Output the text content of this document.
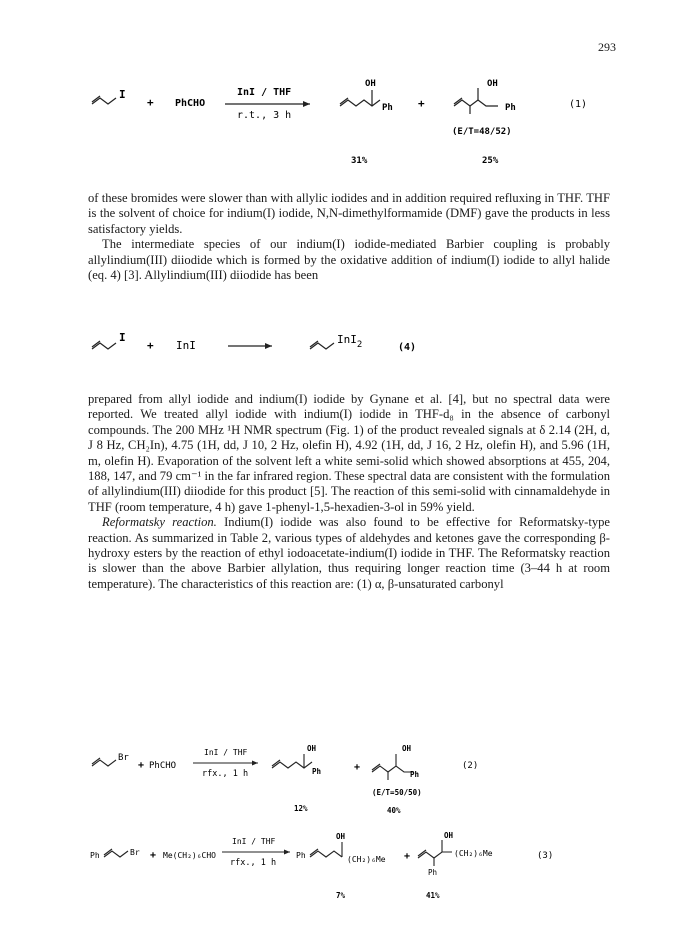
293
I
+ PhCHO
InI / THF
r.t., 3 h
OH
Ph +
OH
Ph	(1)
(E/T=48/52)
31%	25%

of these bromides were slower than with allylic iodides and in addition required refluxing in THF. THF is the solvent of choice for indium(I) iodide, N,N-dimethylformamide (DMF) gave the products in less satisfactory yields.

The intermediate species of our indium(I) iodide-mediated Barbier coupling is probably allylindium(III) diiodide which is formed by the oxidative addition of indium(I) iodide to allyl halide (eq. 4) [3]. Allylindium(III) diiodide has been

I
+ InI	InI$_2$	(4)

prepared from allyl iodide and indium(I) iodide by Gynane et al. [4], but no spectral data were reported. We treated allyl iodide with indium(I) iodide in THF-d₈ in the absence of carbonyl compounds. The 200 MHz ¹H NMR spectrum (Fig. 1) of the product revealed signals at δ 2.14 (2H, d, J 8 Hz, CH₂In), 4.75 (1H, dd, J 10, 2 Hz, olefin H), 4.92 (1H, dd, J 16, 2 Hz, olefin H), and 5.96 (1H, m, olefin H). Evaporation of the solvent left a white semi-solid which showed absorptions at 455, 204, 188, 147, and 79 cm⁻¹ in the far infrared region. These spectral data are consistent with the formulation of allylindium(III) diiodide for this product [5]. The reaction of this semi-solid with cinnamaldehyde in THF (room temperature, 4 h) gave 1-phenyl-1,5-hexadien-3-ol in 59% yield.

Reformatsky reaction. Indium(I) iodide was also found to be effective for Reformatsky-type reaction. As summarized in Table 2, various types of aldehydes and ketones gave the corresponding β-hydroxy esters by the reaction of ethyl iodoacetate-indium(I) iodide in THF. The Reformatsky reaction is slower than the above Barbier allylation, thus requiring longer reaction time (3–44 h at room temperature). The characteristics of this reaction are: (1) α, β-unsaturated carbonyl

Br
+ PhCHO
InI / THF
rfx., 1 h
OH
Ph	+
OH
Ph
(2)
(E/T=50/50)
12%	40%
Ph	Br + Me(CH₂)₆CHO
InI / THF
rfx., 1 h
Ph
OH
(CH₂)₆Me +
OH
(CH₂)₆Me
Ph
(3)
7%	41%
